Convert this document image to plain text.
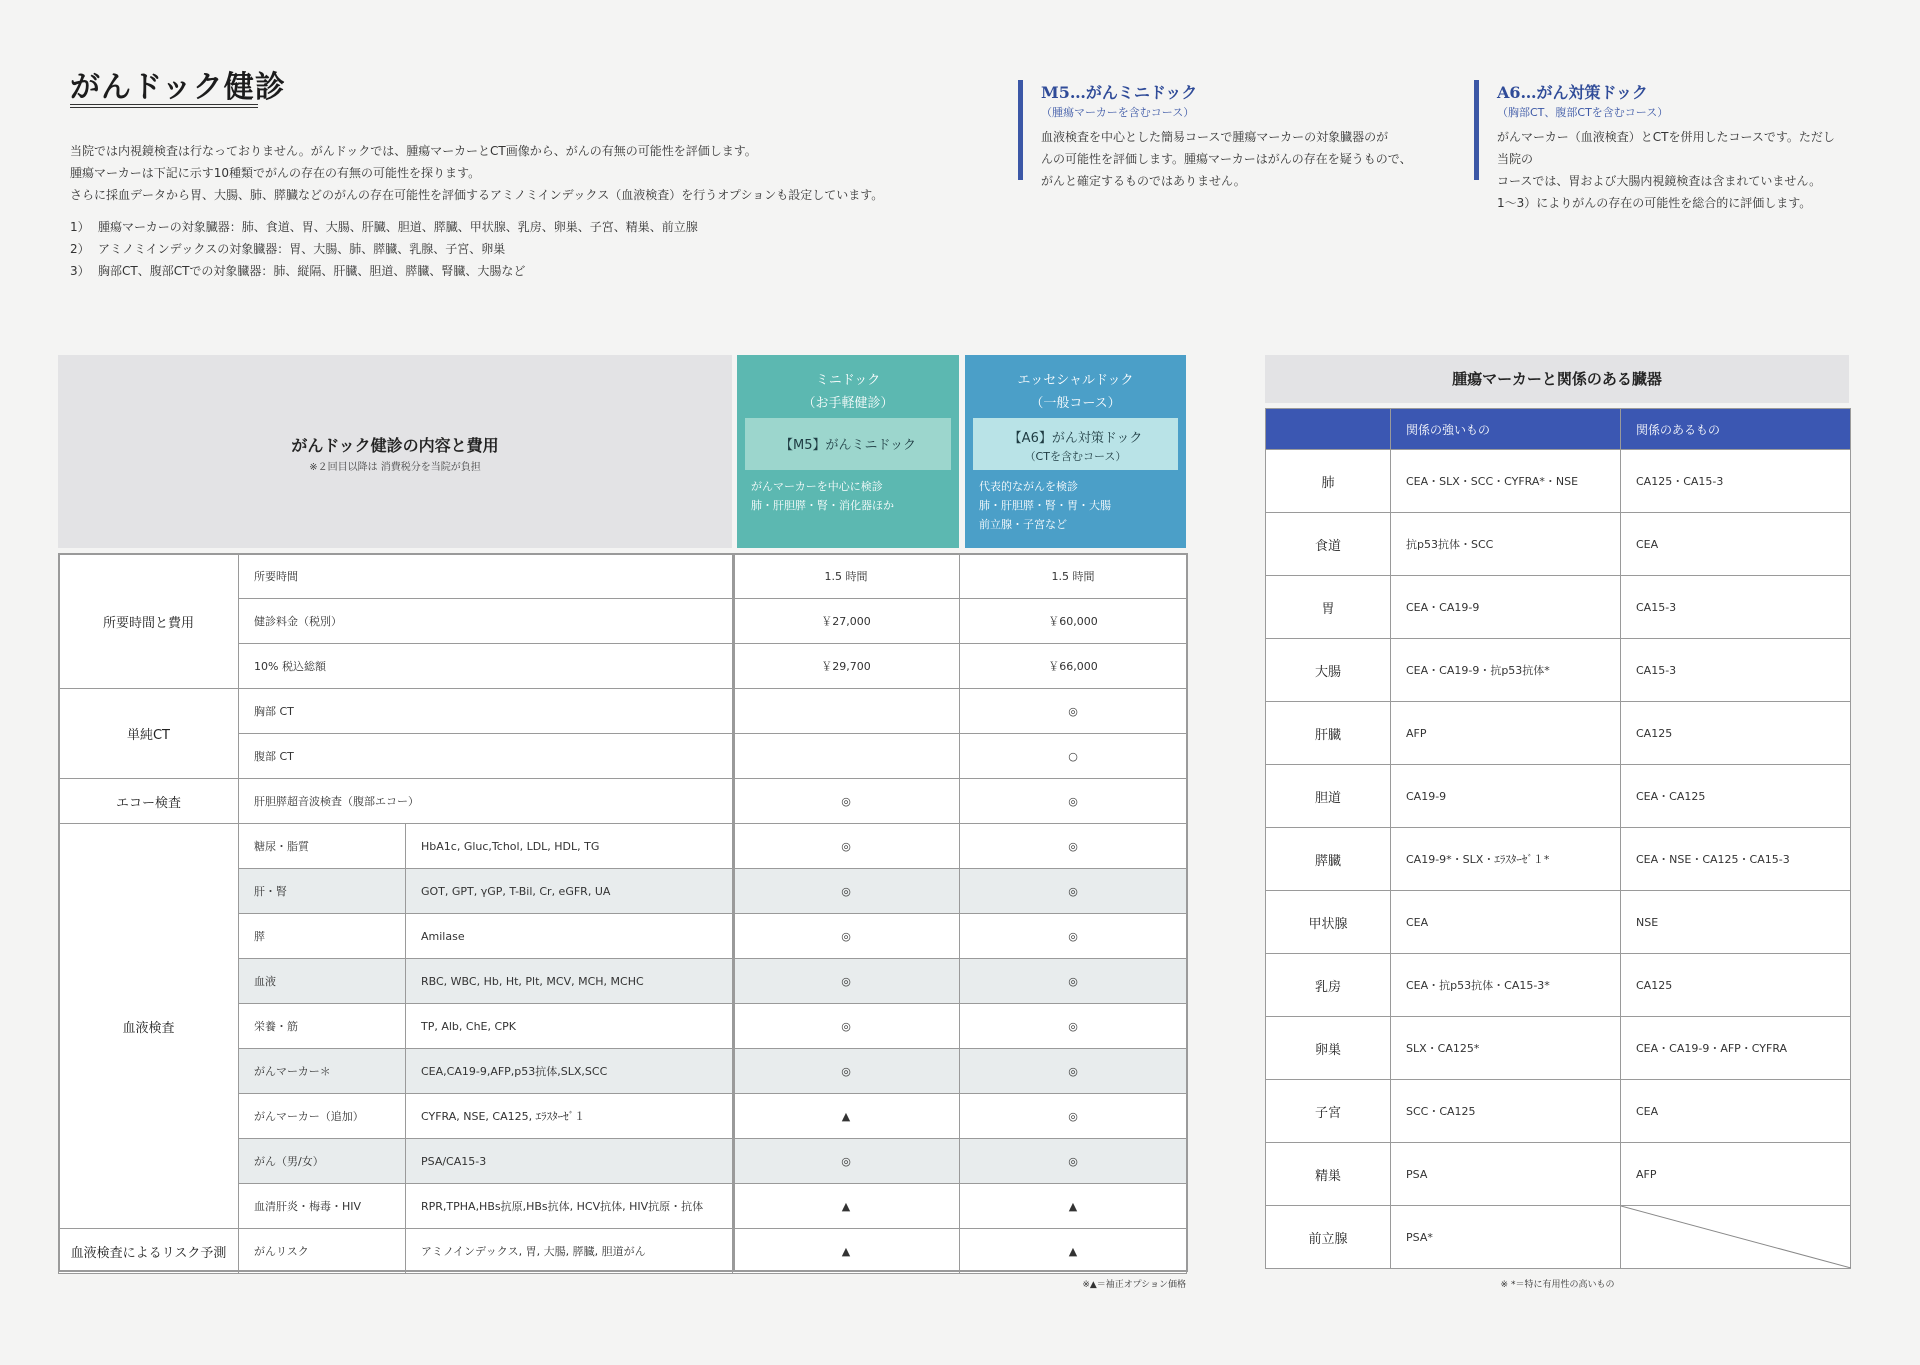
がんドック健診

当院では内視鏡検査は行なっておりません。がんドックでは、腫瘍マーカーとCT画像から、がんの有無の可能性を評価します。

腫瘍マーカーは下記に示す10種類でがんの存在の有無の可能性を探ります。

さらに採血データから胃、大腸、肺、膵臓などのがんの存在可能性を評価するアミノミインデックス（血液検査）を行うオプションも設定しています。

1） 腫瘍マーカーの対象臓器：肺、食道、胃、大腸、肝臓、胆道、膵臓、甲状腺、乳房、卵巣、子宮、精巣、前立腺
2） アミノミインデックスの対象臓器：胃、大腸、肺、膵臓、乳腺、子宮、卵巣
3） 胸部CT、腹部CTでの対象臓器：肺、縦隔、肝臓、胆道、膵臓、腎臓、大腸など
M5…がんミニドック
（腫瘍マーカーを含むコース）
血液検査を中心とした簡易コースで腫瘍マーカーの対象臓器のが
んの可能性を評価します。腫瘍マーカーはがんの存在を疑うもので、
がんと確定するものではありません。
A6…がん対策ドック
（胸部CT、腹部CTを含むコース）
がんマーカー（血液検査）とCTを併用したコースです。ただし当院の
コースでは、胃および大腸内視鏡検査は含まれていません。
1〜3）によりがんの存在の可能性を総合的に評価します。
がんドック健診の内容と費用
※２回目以降は 消費税分を当院が負担
ミニドック
（お手軽健診）
【M5】がんミニドック
がんマーカーを中心に検診
肺・肝胆膵・腎・消化器ほか
エッセシャルドック
（一般コース）
【A6】がん対策ドック
（CTを含むコース）
代表的ながんを検診
肺・肝胆膵・腎・胃・大腸
前立腺・子宮など
所要時間と費用	所要時間		1.5 時間	1.5 時間
	健診料金（税別）		￥27,000	￥60,000
	10% 税込総額		￥29,700	￥66,000
単純CT	胸部 CT			◎
	腹部 CT			○
エコー検査	肝胆膵超音波検査（腹部エコー）		◎	◎
血液検査	糖尿・脂質	HbA1c, Gluc,Tchol, LDL, HDL, TG	◎	◎
	肝・腎	GOT, GPT, γGP, T-Bil, Cr, eGFR, UA	◎	◎
	膵	Amilase	◎	◎
	血液	RBC, WBC, Hb, Ht, Plt, MCV, MCH, MCHC	◎	◎
	栄養・筋	TP, Alb, ChE, CPK	◎	◎
	がんマーカー＊	CEA,CA19-9,AFP,p53抗体,SLX,SCC	◎	◎
	がんマーカー（追加）	CYFRA, NSE, CA125, ｴﾗｽﾀｰｾﾞ１	▲	◎
	がん（男/女）	PSA/CA15-3	◎	◎
	血清肝炎・梅毒・HIV	RPR,TPHA,HBs抗原,HBs抗体, HCV抗体, HIV抗原・抗体	▲	▲
血液検査によるリスク予測	がんリスク	アミノインデックス, 胃, 大腸, 膵臓, 胆道がん	▲	▲
※▲＝袖正オプション価格
腫瘍マーカーと関係のある臓器
	関係の強いもの	関係のあるもの
肺	CEA・SLX・SCC・CYFRA*・NSE	CA125・CA15-3
食道	抗p53抗体・SCC	CEA
胃	CEA・CA19-9	CA15-3
大腸	CEA・CA19-9・抗p53抗体*	CA15-3
肝臓	AFP	CA125
胆道	CA19-9	CEA・CA125
膵臓	CA19-9*・SLX・ｴﾗｽﾀｰｾﾞ１*	CEA・NSE・CA125・CA15-3
甲状腺	CEA	NSE
乳房	CEA・抗p53抗体・CA15-3*	CA125
卵巣	SLX・CA125*	CEA・CA19-9・AFP・CYFRA
子宮	SCC・CA125	CEA
精巣	PSA	AFP
前立腺	PSA*	
※ *＝特に有用性の高いもの
